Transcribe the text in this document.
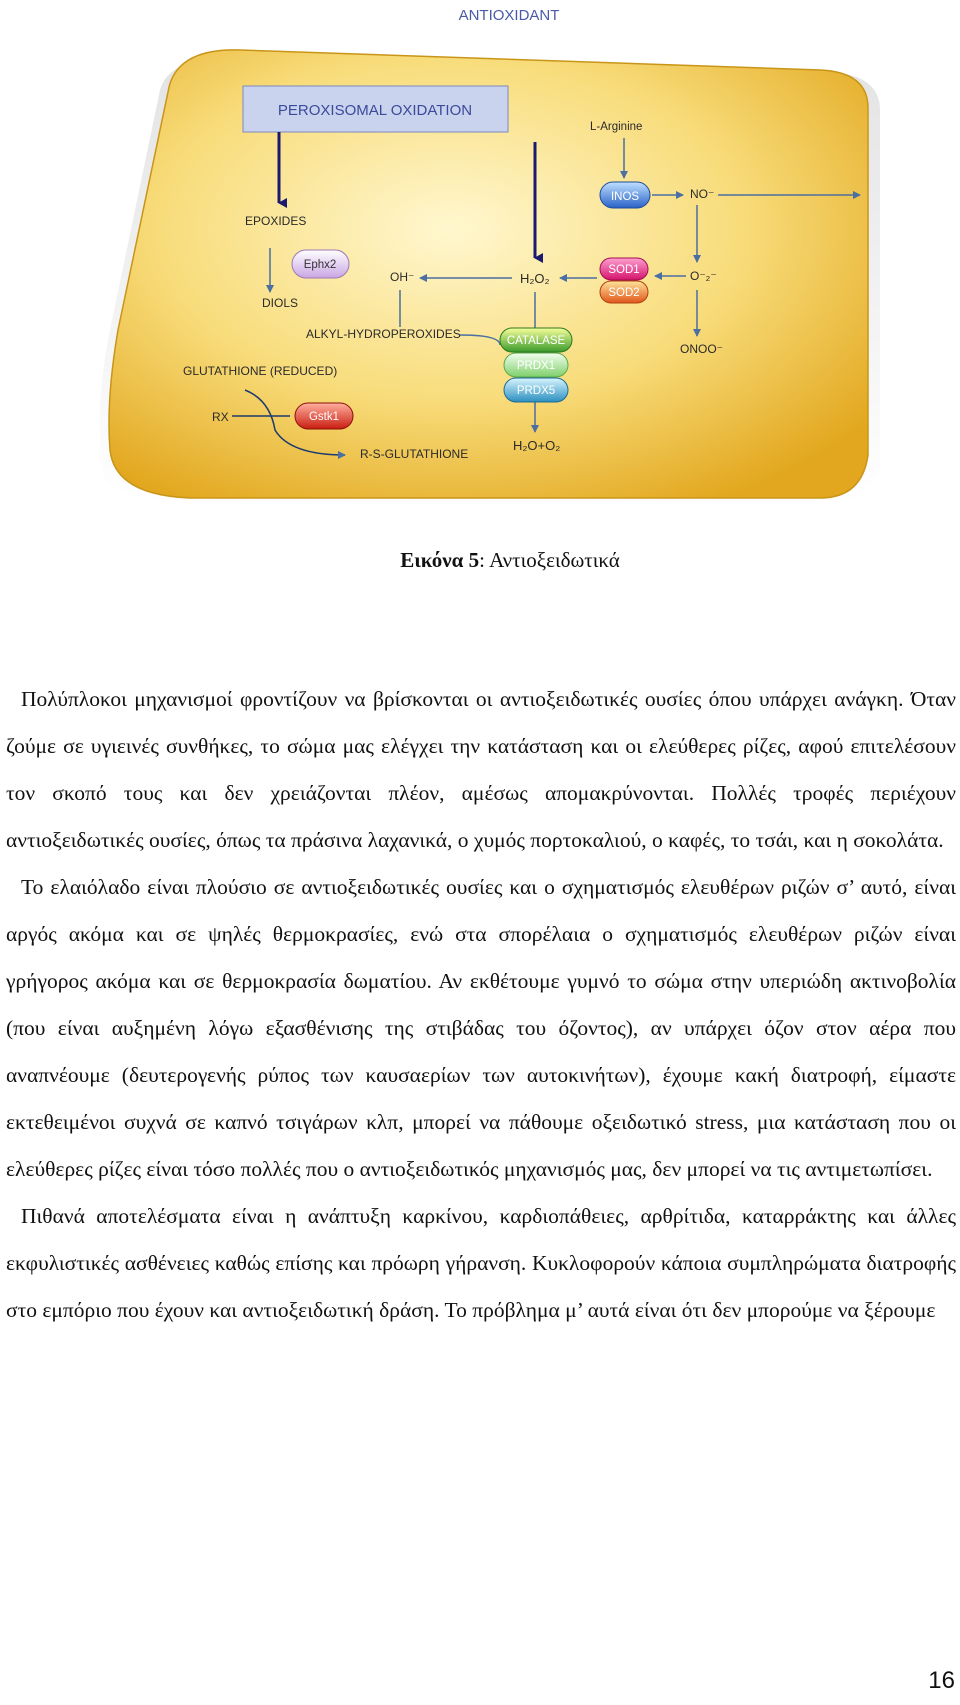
ANTIOXIDANT
PEROXISOMAL OXIDATION
L-Arginine
EPOXIDES
DIOLS
OH⁻	H₂O₂
NO⁻
O⁻₂⁻
ONOO⁻
ALKYL-HYDROPEROXIDES
GLUTATHIONE (REDUCED)
RX
R-S-GLUTATHIONE
H₂O+O₂
INOS
Ephx2	SOD1
SOD2
CATALASE
PRDX1
PRDX5
Gstk1
Εικόνα 5: Αντιοξειδωτικά

Πολύπλοκοι μηχανισμοί φροντίζουν να βρίσκονται οι αντιοξειδωτικές ουσίες όπου υπάρχει ανάγκη. Όταν ζούμε σε υγιεινές συνθήκες, το σώμα μας ελέγχει την κατάσταση και οι ελεύθερες ρίζες, αφού επιτελέσουν τον σκοπό τους και δεν χρειάζονται πλέον, αμέσως απομακρύνονται. Πολλές τροφές περιέχουν αντιοξειδωτικές ουσίες, όπως τα πράσινα λαχανικά, ο χυμός πορτοκαλιού, ο καφές, το τσάι, και η σοκολάτα.

Το ελαιόλαδο είναι πλούσιο σε αντιοξειδωτικές ουσίες και ο σχηματισμός ελευθέρων ριζών σ’ αυτό, είναι αργός ακόμα και σε ψηλές θερμοκρασίες, ενώ στα σπορέλαια ο σχηματισμός ελευθέρων ριζών είναι γρήγορος ακόμα και σε θερμοκρασία δωματίου. Αν εκθέτουμε γυμνό το σώμα στην υπεριώδη ακτινοβολία (που είναι αυξημένη λόγω εξασθένισης της στιβάδας του όζοντος), αν υπάρχει όζον στον αέρα που αναπνέουμε (δευτερογενής ρύπος των καυσαερίων των αυτοκινήτων), έχουμε κακή διατροφή, είμαστε εκτεθειμένοι συχνά σε καπνό τσιγάρων κλπ, μπορεί να πάθουμε οξειδωτικό stress, μια κατάσταση που οι ελεύθερες ρίζες είναι τόσο πολλές που ο αντιοξειδωτικός μηχανισμός μας, δεν μπορεί να τις αντιμετωπίσει.

Πιθανά αποτελέσματα είναι η ανάπτυξη καρκίνου, καρδιοπάθειες, αρθρίτιδα, καταρράκτης και άλλες εκφυλιστικές ασθένειες καθώς επίσης και πρόωρη γήρανση. Κυκλοφορούν κάποια συμπληρώματα διατροφής στο εμπόριο που έχουν και αντιοξειδωτική δράση. Το πρόβλημα μ’ αυτά είναι ότι δεν μπορούμε να ξέρουμε

16
